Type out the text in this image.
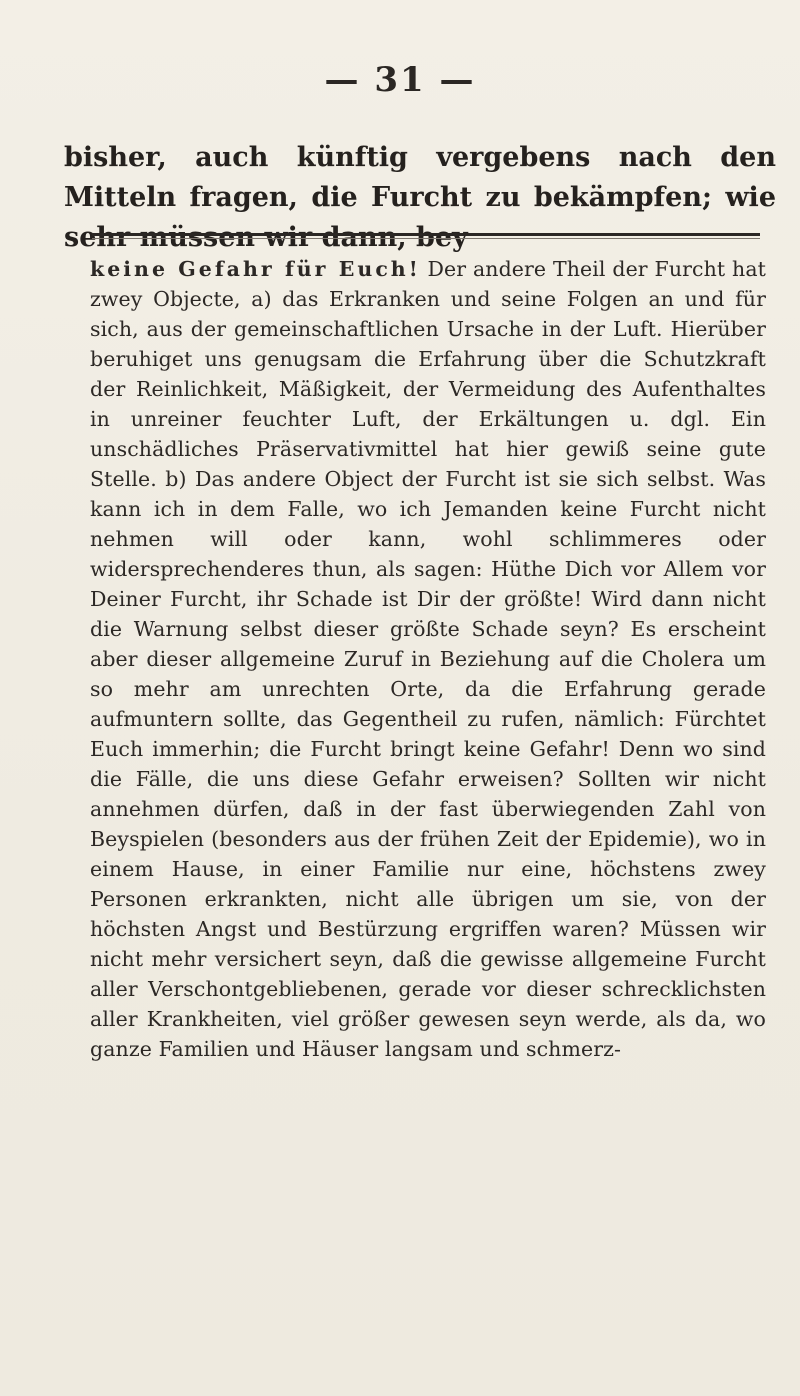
— 31 —

bisher, auch künftig vergebens nach den Mitteln fragen, die Furcht zu bekämpfen; wie sehr müssen wir dann, bey

keine Gefahr für Euch! Der andere Theil der Furcht hat zwey Objecte, a) das Erkranken und seine Folgen an und für sich, aus der gemeinschaftlichen Ursache in der Luft. Hierüber beruhiget uns genugsam die Erfahrung über die Schutzkraft der Reinlichkeit, Mäßigkeit, der Vermeidung des Aufenthaltes in unreiner feuchter Luft, der Erkältungen u. dgl. Ein unschädliches Präservativmittel hat hier gewiß seine gute Stelle. b) Das andere Object der Furcht ist sie sich selbst. Was kann ich in dem Falle, wo ich Jemanden keine Furcht nicht nehmen will oder kann, wohl schlimmeres oder widersprechenderes thun, als sagen: Hüthe Dich vor Allem vor Deiner Furcht, ihr Schade ist Dir der größte! Wird dann nicht die Warnung selbst dieser größte Schade seyn? Es erscheint aber dieser allgemeine Zuruf in Beziehung auf die Cholera um so mehr am unrechten Orte, da die Erfahrung gerade aufmuntern sollte, das Gegentheil zu rufen, nämlich: Fürchtet Euch immerhin; die Furcht bringt keine Gefahr! Denn wo sind die Fälle, die uns diese Gefahr erweisen? Sollten wir nicht annehmen dürfen, daß in der fast überwiegenden Zahl von Beyspielen (besonders aus der frühen Zeit der Epidemie), wo in einem Hause, in einer Familie nur eine, höchstens zwey Personen erkrankten, nicht alle übrigen um sie, von der höchsten Angst und Bestürzung ergriffen waren? Müssen wir nicht mehr versichert seyn, daß die gewisse allgemeine Furcht aller Verschontgebliebenen, gerade vor dieser schrecklichsten aller Krankheiten, viel größer gewesen seyn werde, als da, wo ganze Familien und Häuser langsam und schmerz-
